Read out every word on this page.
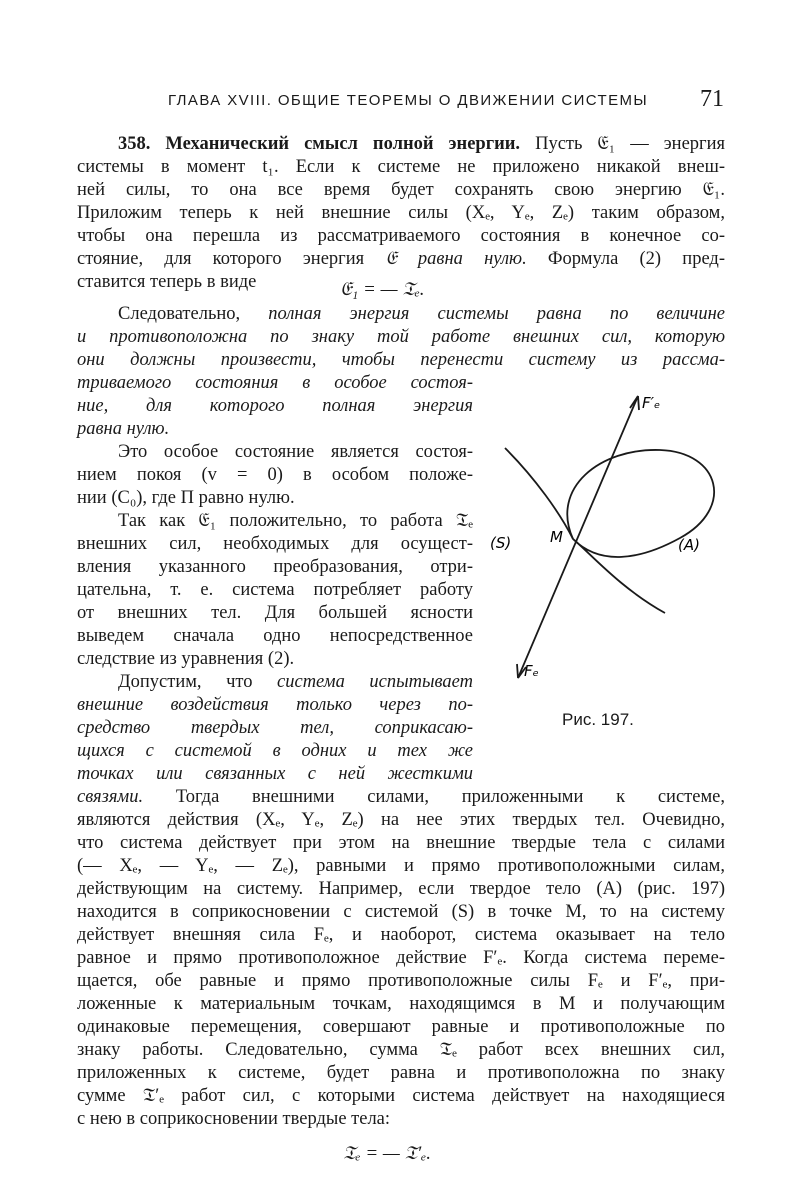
ГЛАВА XVIII. ОБЩИЕ ТЕОРЕМЫ О ДВИЖЕНИИ СИСТЕМЫ 71
358. Механический смысл полной энергии. Пусть 𝔈₁ — энергия
системы в момент t₁. Если к системе не приложено никакой внеш-
ней силы, то она все время будет сохранять свою энергию 𝔈₁.
Приложим теперь к ней внешние силы (Xₑ, Yₑ, Zₑ) таким образом,
чтобы она перешла из рассматриваемого состояния в конечное со-
стояние, для которого энергия 𝔈 равна нулю. Формула (2) пред-
ставится теперь в виде	𝔈₁ = — 𝔗ₑ.
Следовательно, полная энергия системы равна по величине
и противоположна по знаку той работе внешних сил, которую
они должны произвести, чтобы перенести систему из рассма-
триваемого состояния в особое состоя-
ние, для которого полная энергия
равна нулю.
Это особое состояние является состоя-
нием покоя (v = 0) в особом положе-
нии (C₀), где П равно нулю.
Так как 𝔈₁ положительно, то работа 𝔗ₑ
внешних сил, необходимых для осущест-
вления указанного преобразования, отри-
цательна, т. е. система потребляет работу
от внешних тел. Для большей ясности
выведем сначала одно непосредственное
следствие из уравнения (2).
Допустим, что система испытывает
внешние воздействия только через по-
средство твердых тел, соприкасаю-
щихся с системой в одних и тех же
точках или связанных с ней жесткими
связями. Тогда внешними силами, приложенными к системе,
являются действия (Xₑ, Yₑ, Zₑ) на нее этих твердых тел. Очевидно,
что система действует при этом на внешние твердые тела с силами
(— Xₑ, — Yₑ, — Zₑ), равными и прямо противоположными силам,
действующим на систему. Например, если твердое тело (A) (рис. 197)
находится в соприкосновении с системой (S) в точке M, то на систему
действует внешняя сила Fₑ, и наоборот, система оказывает на тело
равное и прямо противоположное действие F′ₑ. Когда система переме-
щается, обе равные и прямо противоположные силы Fₑ и F′ₑ, при-
ложенные к материальным точкам, находящимся в M и получающим
одинаковые перемещения, совершают равные и противоположные по
знаку работы. Следовательно, сумма 𝔗ₑ работ всех внешних сил,
приложенных к системе, будет равна и противоположна по знаку
сумме 𝔗′ₑ работ сил, с которыми система действует на находящиеся
с нею в соприкосновении твердые тела:
𝔗ₑ = — 𝔗′ₑ.
(S)	M	(A)
F′ₑ
Fₑ
Рис. 197.
